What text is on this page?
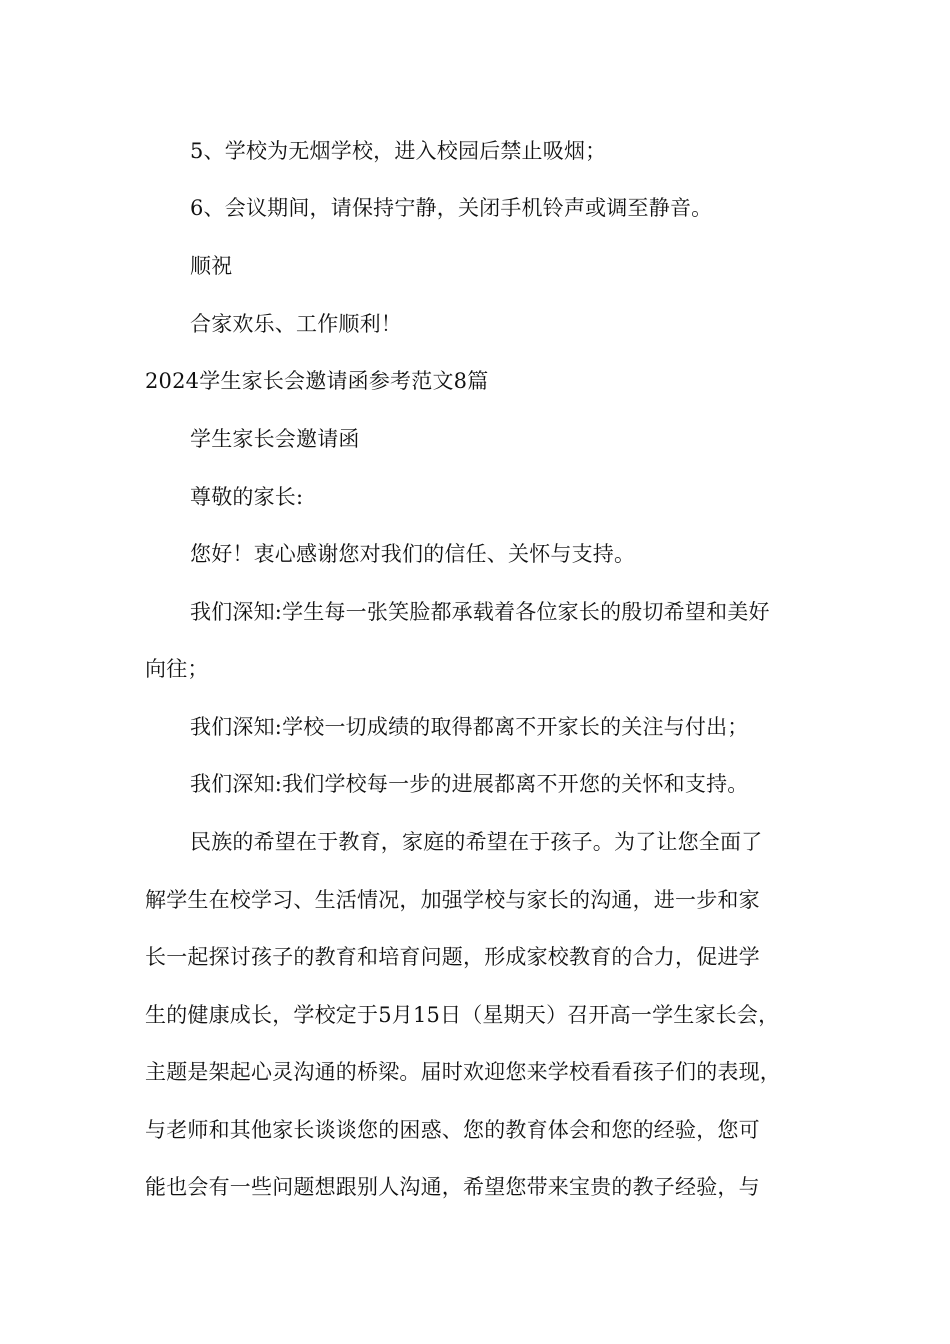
5、学校为无烟学校，进入校园后禁止吸烟；
6、会议期间，请保持宁静，关闭手机铃声或调至静音。
顺祝
合家欢乐、工作顺利！
2024学生家长会邀请函参考范文8篇
学生家长会邀请函
尊敬的家长:
您好！衷心感谢您对我们的信任、关怀与支持。
我们深知:学生每一张笑脸都承载着各位家长的殷切希望和美好
向往；
我们深知:学校一切成绩的取得都离不开家长的关注与付出；
我们深知:我们学校每一步的进展都离不开您的关怀和支持。
民族的希望在于教育，家庭的希望在于孩子。为了让您全面了
解学生在校学习、生活情况，加强学校与家长的沟通，进一步和家
长一起探讨孩子的教育和培育问题，形成家校教育的合力，促进学
生的健康成长，学校定于5月15日（星期天）召开高一学生家长会，
主题是架起心灵沟通的桥梁。届时欢迎您来学校看看孩子们的表现，
与老师和其他家长谈谈您的困惑、您的教育体会和您的经验，您可
能也会有一些问题想跟别人沟通，希望您带来宝贵的教子经验，与
